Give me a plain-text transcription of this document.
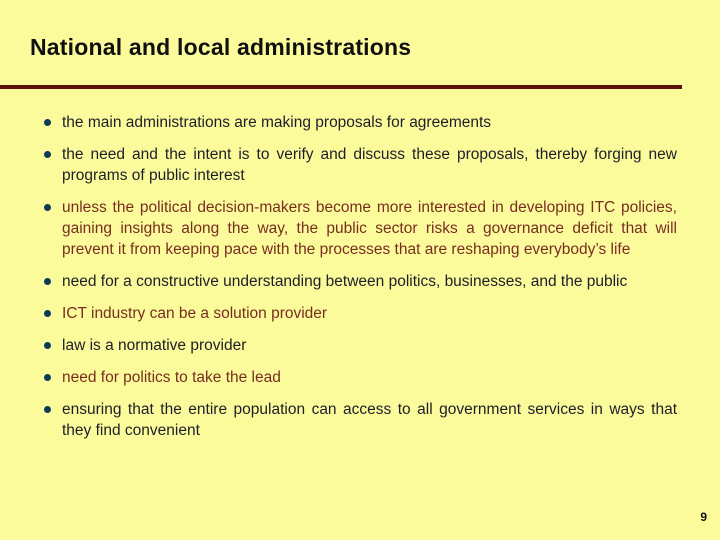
National and local administrations
the main administrations are making proposals for agreements
the need and the intent is to verify and discuss these proposals, thereby forging new programs of public interest
unless the political decision-makers become more interested in developing ITC policies, gaining insights along the way, the public sector risks a governance deficit that will prevent it from keeping pace with the processes that are reshaping everybody’s life
need for a constructive understanding between politics, businesses, and the public
ICT industry can be a solution provider
law is a normative provider
need for politics to take the lead
ensuring that the entire population can access to all government services in ways that they find convenient
9
